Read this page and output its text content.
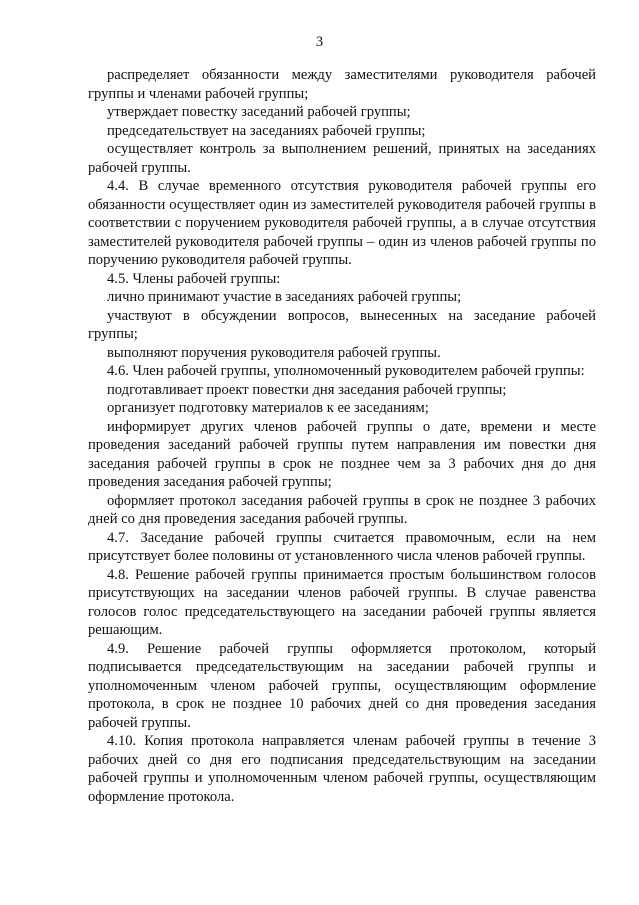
3

распределяет обязанности между заместителями руководителя рабочей группы и членами рабочей группы;

утверждает повестку заседаний рабочей группы;

председательствует на заседаниях рабочей группы;

осуществляет контроль за выполнением решений, принятых на заседаниях рабочей группы.

4.4. В случае временного отсутствия руководителя рабочей группы его обязанности осуществляет один из заместителей руководителя рабочей группы в соответствии с поручением руководителя рабочей группы, а в случае отсутствия заместителей руководителя рабочей группы – один из членов рабочей группы по поручению руководителя рабочей группы.

4.5. Члены рабочей группы:

лично принимают участие в заседаниях рабочей группы;

участвуют в обсуждении вопросов, вынесенных на заседание рабочей группы;

выполняют поручения руководителя рабочей группы.

4.6. Член рабочей группы, уполномоченный руководителем рабочей группы:

подготавливает проект повестки дня заседания рабочей группы;

организует подготовку материалов к ее заседаниям;

информирует других членов рабочей группы о дате, времени и месте проведения заседаний рабочей группы путем направления им повестки дня заседания рабочей группы в срок не позднее чем за 3 рабочих дня до дня проведения заседания рабочей группы;

оформляет протокол заседания рабочей группы в срок не позднее 3 рабочих дней со дня проведения заседания рабочей группы.

4.7. Заседание рабочей группы считается правомочным, если на нем присутствует более половины от установленного числа членов рабочей группы.

4.8. Решение рабочей группы принимается простым большинством голосов присутствующих на заседании членов рабочей группы. В случае равенства голосов голос председательствующего на заседании рабочей группы является решающим.

4.9. Решение рабочей группы оформляется протоколом, который подписывается председательствующим на заседании рабочей группы и уполномоченным членом рабочей группы, осуществляющим оформление протокола, в срок не позднее 10 рабочих дней со дня проведения заседания рабочей группы.

4.10. Копия протокола направляется членам рабочей группы в течение 3 рабочих дней со дня его подписания председательствующим на заседании рабочей группы и уполномоченным членом рабочей группы, осуществляющим оформление протокола.
